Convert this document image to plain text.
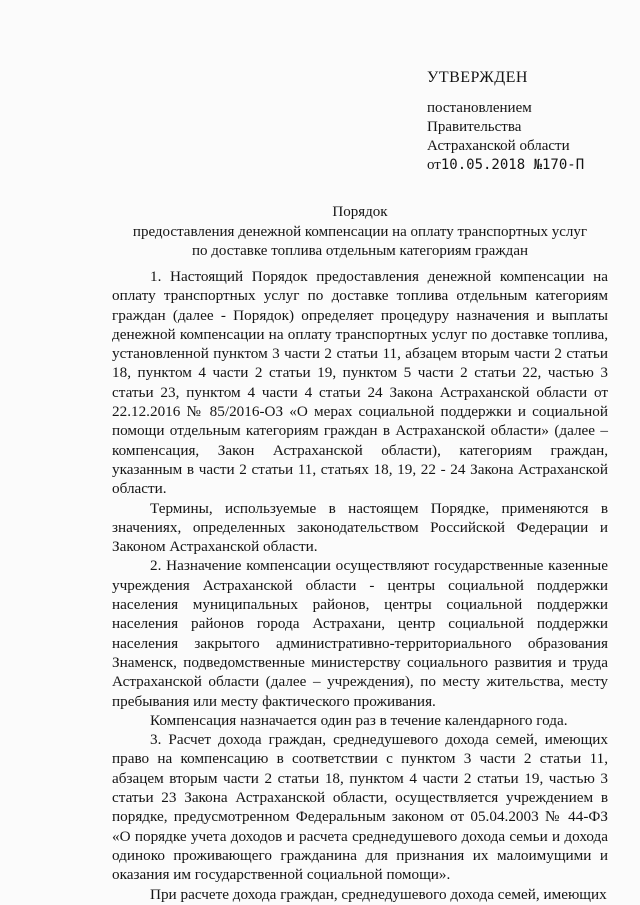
УТВЕРЖДЕН
постановлением
Правительства
Астраханской области
от10.05.2018 №170-П
Порядок
предоставления денежной компенсации на оплату транспортных услуг
по доставке топлива отдельным категориям граждан

1. Настоящий Порядок предоставления денежной компенсации на оплату транспортных услуг по доставке топлива отдельным категориям граждан (далее - Порядок) определяет процедуру назначения и выплаты денежной компенсации на оплату транспортных услуг по доставке топлива, установленной пунктом 3 части 2 статьи 11, абзацем вторым части 2 статьи 18, пунктом 4 части 2 статьи 19, пунктом 5 части 2 статьи 22, частью 3 статьи 23, пунктом 4 части 4 статьи 24 Закона Астраханской области от 22.12.2016 № 85/2016-ОЗ «О мерах социальной поддержки и социальной помощи отдельным категориям граждан в Астраханской области» (далее – компенсация, Закон Астраханской области), категориям граждан, указанным в части 2 статьи 11, статьях 18, 19, 22 - 24 Закона Астраханской области.

Термины, используемые в настоящем Порядке, применяются в значениях, определенных законодательством Российской Федерации и Законом Астраханской области.

2. Назначение компенсации осуществляют государственные казенные учреждения Астраханской области - центры социальной поддержки населения муниципальных районов, центры социальной поддержки населения районов города Астрахани, центр социальной поддержки населения закрытого административно-территориального образования Знаменск, подведомственные министерству социального развития и труда Астраханской области (далее – учреждения), по месту жительства, месту пребывания или месту фактического проживания.

Компенсация назначается один раз в течение календарного года.

3. Расчет дохода граждан, среднедушевого дохода семей, имеющих право на компенсацию в соответствии с пунктом 3 части 2 статьи 11, абзацем вторым части 2 статьи 18, пунктом 4 части 2 статьи 19, частью 3 статьи 23 Закона Астраханской области, осуществляется учреждением в порядке, предусмотренном Федеральным законом от 05.04.2003 № 44-ФЗ «О порядке учета доходов и расчета среднедушевого дохода семьи и дохода одиноко проживающего гражданина для признания их малоимущими и оказания им государственной социальной помощи».

При расчете дохода граждан, среднедушевого дохода семей, имеющих
